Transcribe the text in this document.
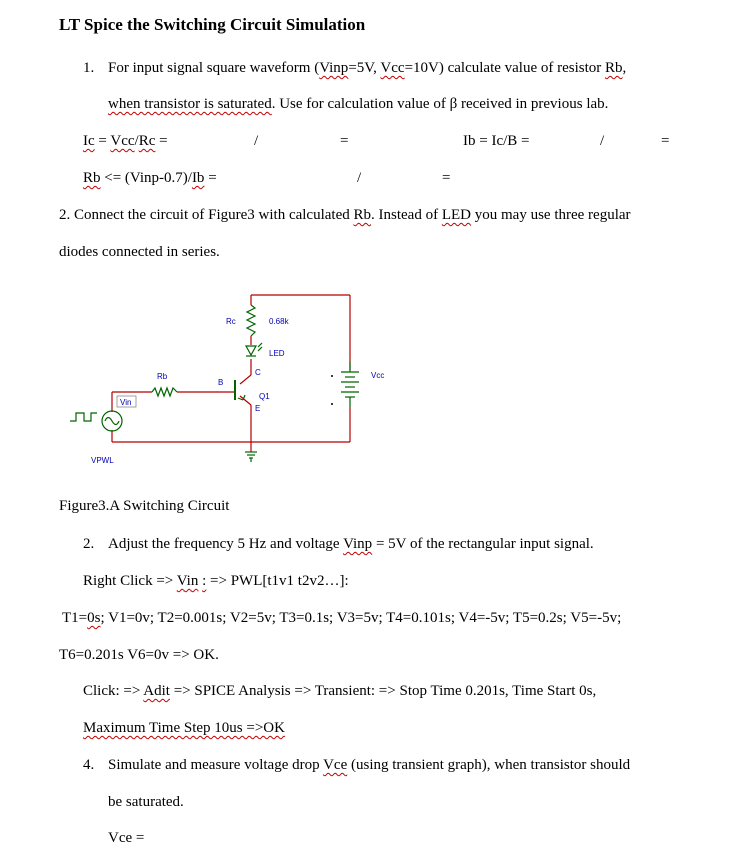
LT Spice the Switching Circuit Simulation
1. For input signal square waveform (Vinp=5V, Vcc=10V) calculate value of resistor Rb,
when transistor is saturated. Use for calculation value of β received in previous lab.
Ic = Vcc/Rc =	/	=	Ib = Ic/B =	/	=
Rb <= (Vinp-0.7)/Ib =	/	=
2. Connect the circuit of Figure3 with calculated Rb. Instead of LED you may use three regular
diodes connected in series.
Rc	0.68k
LED
B
C
Q1
E
Rb	Vcc
Vin
VPWL
Figure3.A Switching Circuit
2. Adjust the frequency 5 Hz and voltage Vinp = 5V of the rectangular input signal.
Right Click => Vin : => PWL[t1v1 t2v2…]:
T1=0s; V1=0v; T2=0.001s; V2=5v; T3=0.1s; V3=5v; T4=0.101s; V4=-5v; T5=0.2s; V5=-5v;
T6=0.201s V6=0v => OK.
Click: => Adit => SPICE Analysis => Transient: => Stop Time 0.201s, Time Start 0s,
Maximum Time Step 10us =>OK
4. Simulate and measure voltage drop Vce (using transient graph), when transistor should
be saturated.
Vce =
